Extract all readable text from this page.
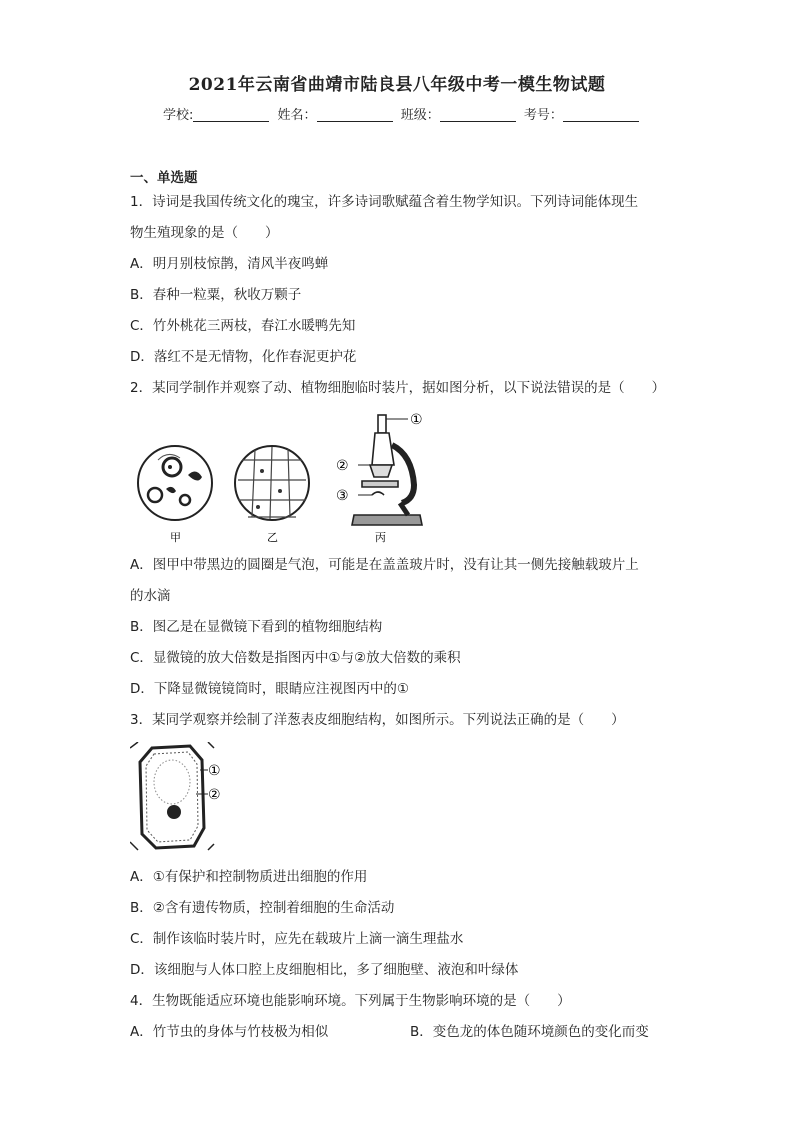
2021年云南省曲靖市陆良县八年级中考一模生物试题
学校:	姓名：	班级：	考号：
一、单选题
1．诗词是我国传统文化的瑰宝，许多诗词歌赋蕴含着生物学知识。下列诗词能体现生
物生殖现象的是（　　）
A．明月别枝惊鹊，清风半夜鸣蝉
B．春种一粒粟，秋收万颗子
C．竹外桃花三两枝，春江水暖鸭先知
D．落红不是无情物，化作春泥更护花
2．某同学制作并观察了动、植物细胞临时装片，据如图分析，以下说法错误的是（　　）
甲	乙
①
②
③
丙
A．图甲中带黑边的圆圈是气泡，可能是在盖盖玻片时，没有让其一侧先接触载玻片上
的水滴
B．图乙是在显微镜下看到的植物细胞结构
C．显微镜的放大倍数是指图丙中①与②放大倍数的乘积
D．下降显微镜镜筒时，眼睛应注视图丙中的①
3．某同学观察并绘制了洋葱表皮细胞结构，如图所示。下列说法正确的是（　　）
①
②
A．①有保护和控制物质进出细胞的作用
B．②含有遗传物质，控制着细胞的生命活动
C．制作该临时装片时，应先在载玻片上滴一滴生理盐水
D．该细胞与人体口腔上皮细胞相比，多了细胞壁、液泡和叶绿体
4．生物既能适应环境也能影响环境。下列属于生物影响环境的是（　　）
A．竹节虫的身体与竹枝极为相似	B．变色龙的体色随环境颜色的变化而变
